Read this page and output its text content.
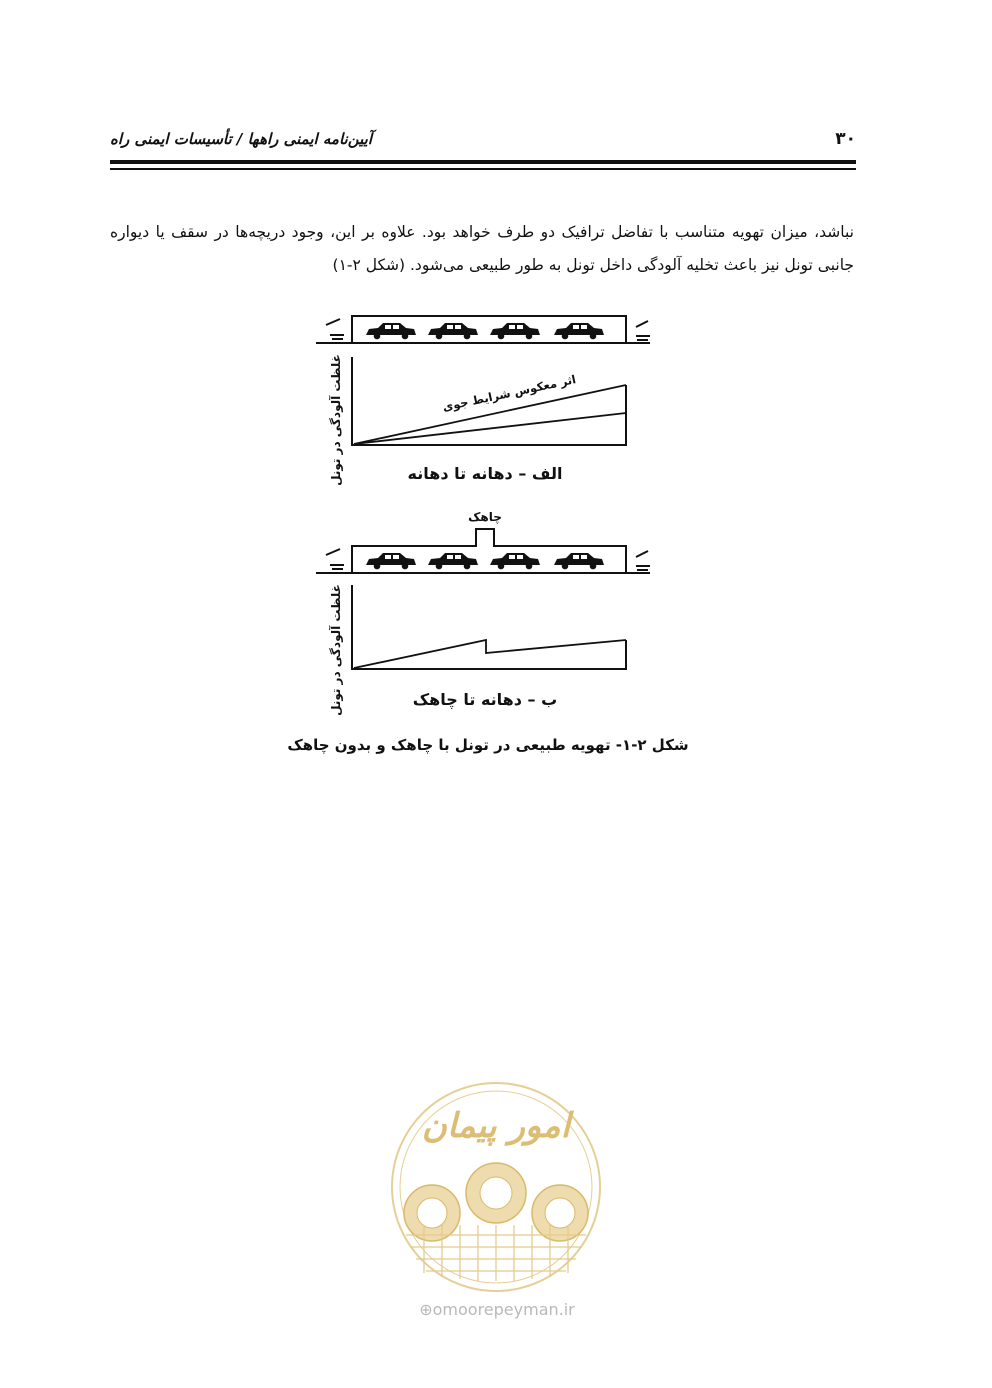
۳۰
آیین‌نامه ایمنی راهها / تأسیسات ایمنی راه
نباشد، میزان تهویه متناسب با تفاضل ترافیک دو طرف خواهد بود. علاوه بر این، وجود دریچه‌ها در سقف یا دیواره جانبی تونل نیز باعث تخلیه آلودگی داخل تونل به طور طبیعی می‌شود. (شکل ۲-۱)
غلظت آلودگی در تونل	اثر معکوس شرایط جوی
الف – دهانه تا دهانه
چاهک
غلظت آلودگی در تونل	ب – دهانه تا چاهک
شکل ۲-۱- تهویه طبیعی در تونل با چاهک و بدون چاهک
امور پیمان
⊕omoorepeyman.ir
